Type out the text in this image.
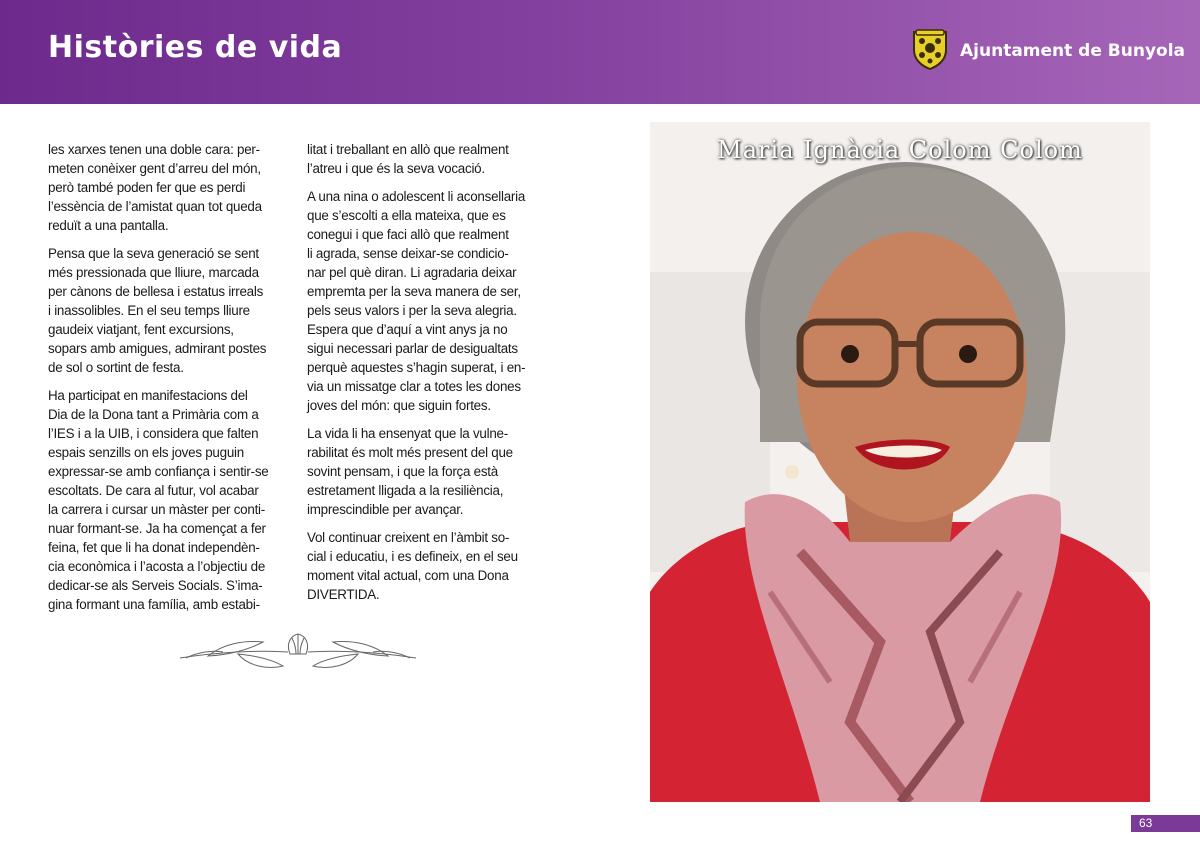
Històries de vida	Ajuntament de Bunyola

les xarxes tenen una doble cara: per-
meten conèixer gent d’arreu del món,
però també poden fer que es perdi
l’essència de l’amistat quan tot queda
reduït a una pantalla.

Pensa que la seva generació se sent
més pressionada que lliure, marcada
per cànons de bellesa i estatus irreals
i inassolibles. En el seu temps lliure
gaudeix viatjant, fent excursions,
sopars amb amigues, admirant postes
de sol o sortint de festa.

Ha participat en manifestacions del
Dia de la Dona tant a Primària com a
l’IES i a la UIB, i considera que falten
espais senzills on els joves puguin
expressar-se amb confiança i sentir-se
escoltats. De cara al futur, vol acabar
la carrera i cursar un màster per conti-
nuar formant-se. Ja ha començat a fer
feina, fet que li ha donat independèn-
cia econòmica i l’acosta a l’objectiu de
dedicar-se als Serveis Socials. S’ima-
gina formant una família, amb estabi-

litat i treballant en allò que realment
l’atreu i que és la seva vocació.

A una nina o adolescent li aconsellaria
que s’escolti a ella mateixa, que es
conegui i que faci allò que realment
li agrada, sense deixar-se condicio-
nar pel què diran. Li agradaria deixar
empremta per la seva manera de ser,
pels seus valors i per la seva alegria.
Espera que d’aquí a vint anys ja no
sigui necessari parlar de desigualtats
perquè aquestes s’hagin superat, i en-
via un missatge clar a totes les dones
joves del món: que siguin fortes.

La vida li ha ensenyat que la vulne-
rabilitat és molt més present del que
sovint pensam, i que la força està
estretament lligada a la resiliència,
imprescindible per avançar.

Vol continuar creixent en l’àmbit so-
cial i educatiu, i es defineix, en el seu
moment vital actual, com una Dona
DIVERTIDA.

Maria Ignàcia Colom Colom
63
